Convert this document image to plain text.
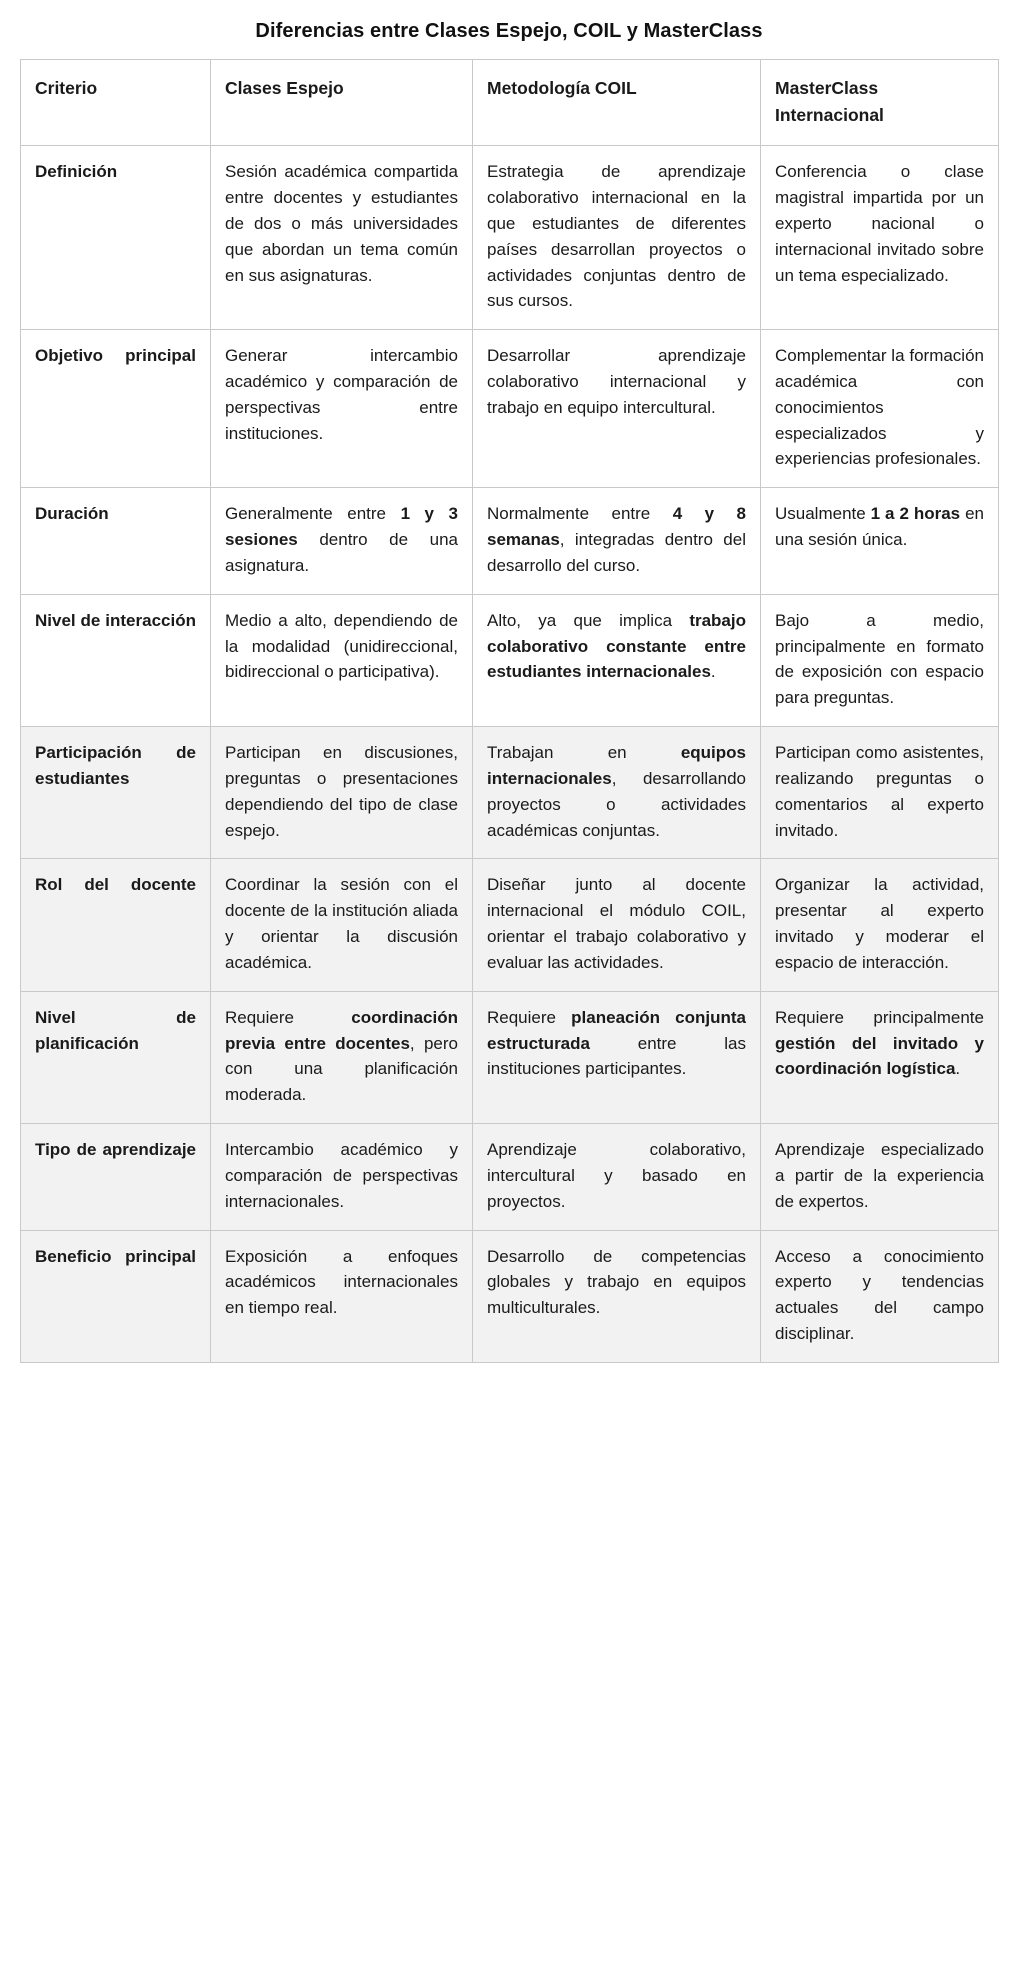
Diferencias entre Clases Espejo, COIL y MasterClass
Criterio	Clases Espejo	Metodología COIL	MasterClass Internacional
Definición	Sesión académica compartida entre docentes y estudiantes de dos o más universidades que abordan un tema común en sus asignaturas.	Estrategia de aprendizaje colaborativo internacional en la que estudiantes de diferentes países desarrollan proyectos o actividades conjuntas dentro de sus cursos.	Conferencia o clase magistral impartida por un experto nacional o internacional invitado sobre un tema especializado.
Objetivo principal	Generar intercambio académico y comparación de perspectivas entre instituciones.	Desarrollar aprendizaje colaborativo internacional y trabajo en equipo intercultural.	Complementar la formación académica con conocimientos especializados y experiencias profesionales.
Duración	Generalmente entre 1 y 3 sesiones dentro de una asignatura.	Normalmente entre 4 y 8 semanas, integradas dentro del desarrollo del curso.	Usualmente 1 a 2 horas en una sesión única.
Nivel de interacción	Medio a alto, dependiendo de la modalidad (unidireccional, bidireccional o participativa).	Alto, ya que implica trabajo colaborativo constante entre estudiantes internacionales.	Bajo a medio, principalmente en formato de exposición con espacio para preguntas.
Participación de estudiantes	Participan en discusiones, preguntas o presentaciones dependiendo del tipo de clase espejo.	Trabajan en equipos internacionales, desarrollando proyectos o actividades académicas conjuntas.	Participan como asistentes, realizando preguntas o comentarios al experto invitado.
Rol del docente	Coordinar la sesión con el docente de la institución aliada y orientar la discusión académica.	Diseñar junto al docente internacional el módulo COIL, orientar el trabajo colaborativo y evaluar las actividades.	Organizar la actividad, presentar al experto invitado y moderar el espacio de interacción.
Nivel de planificación	Requiere coordinación previa entre docentes, pero con una planificación moderada.	Requiere planeación conjunta estructurada entre las instituciones participantes.	Requiere principalmente gestión del invitado y coordinación logística.
Tipo de aprendizaje	Intercambio académico y comparación de perspectivas internacionales.	Aprendizaje colaborativo, intercultural y basado en proyectos.	Aprendizaje especializado a partir de la experiencia de expertos.
Beneficio principal	Exposición a enfoques académicos internacionales en tiempo real.	Desarrollo de competencias globales y trabajo en equipos multiculturales.	Acceso a conocimiento experto y tendencias actuales del campo disciplinar.
